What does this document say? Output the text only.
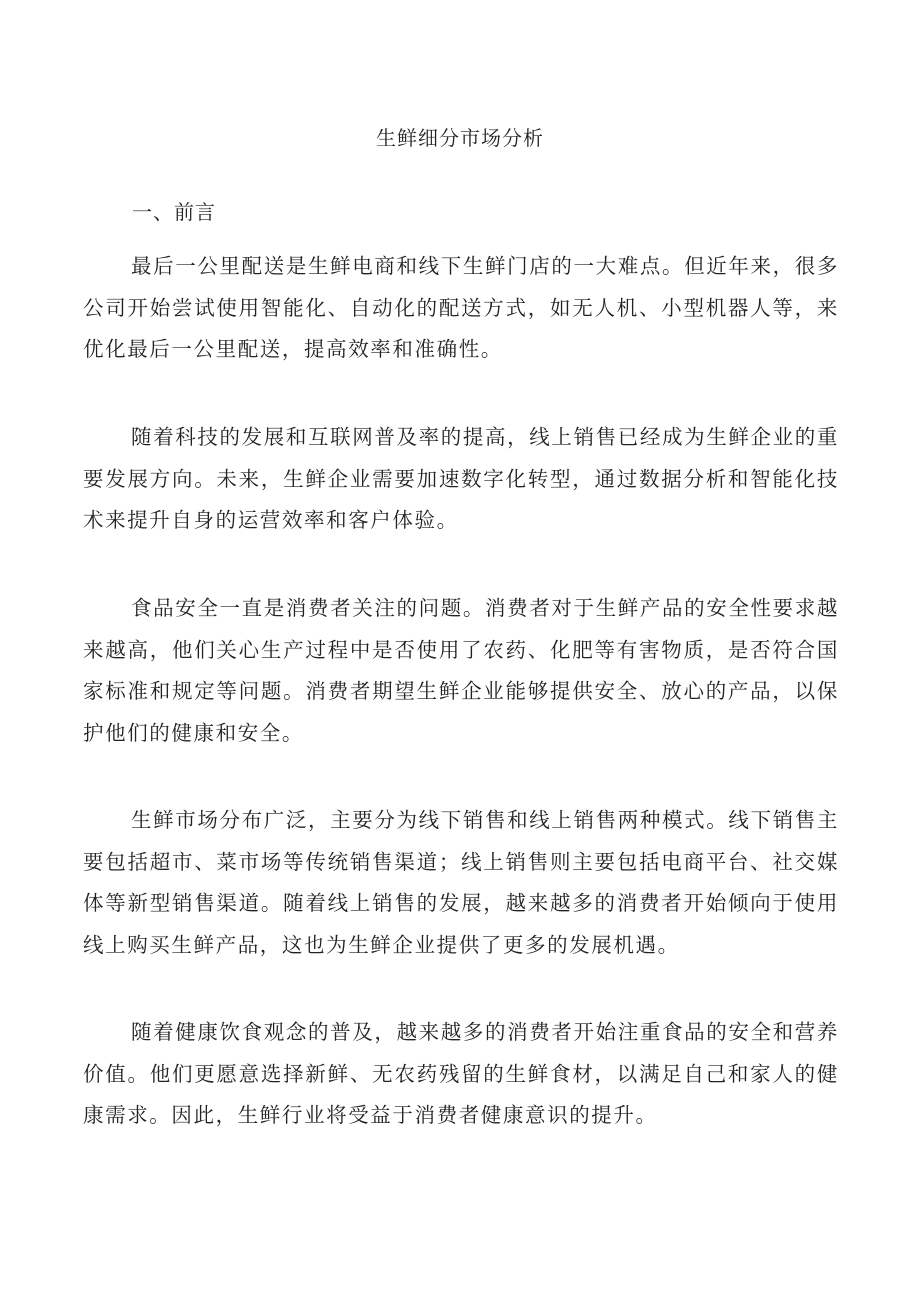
生鲜细分市场分析
一、前言

最后一公里配送是生鲜电商和线下生鲜门店的一大难点。但近年来，很多公司开始尝试使用智能化、自动化的配送方式，如无人机、小型机器人等，来优化最后一公里配送，提高效率和准确性。

随着科技的发展和互联网普及率的提高，线上销售已经成为生鲜企业的重要发展方向。未来，生鲜企业需要加速数字化转型，通过数据分析和智能化技术来提升自身的运营效率和客户体验。

食品安全一直是消费者关注的问题。消费者对于生鲜产品的安全性要求越来越高，他们关心生产过程中是否使用了农药、化肥等有害物质，是否符合国家标准和规定等问题。消费者期望生鲜企业能够提供安全、放心的产品，以保护他们的健康和安全。

生鲜市场分布广泛，主要分为线下销售和线上销售两种模式。线下销售主要包括超市、菜市场等传统销售渠道；线上销售则主要包括电商平台、社交媒体等新型销售渠道。随着线上销售的发展，越来越多的消费者开始倾向于使用线上购买生鲜产品，这也为生鲜企业提供了更多的发展机遇。

随着健康饮食观念的普及，越来越多的消费者开始注重食品的安全和营养价值。他们更愿意选择新鲜、无农药残留的生鲜食材，以满足自己和家人的健康需求。因此，生鲜行业将受益于消费者健康意识的提升。
